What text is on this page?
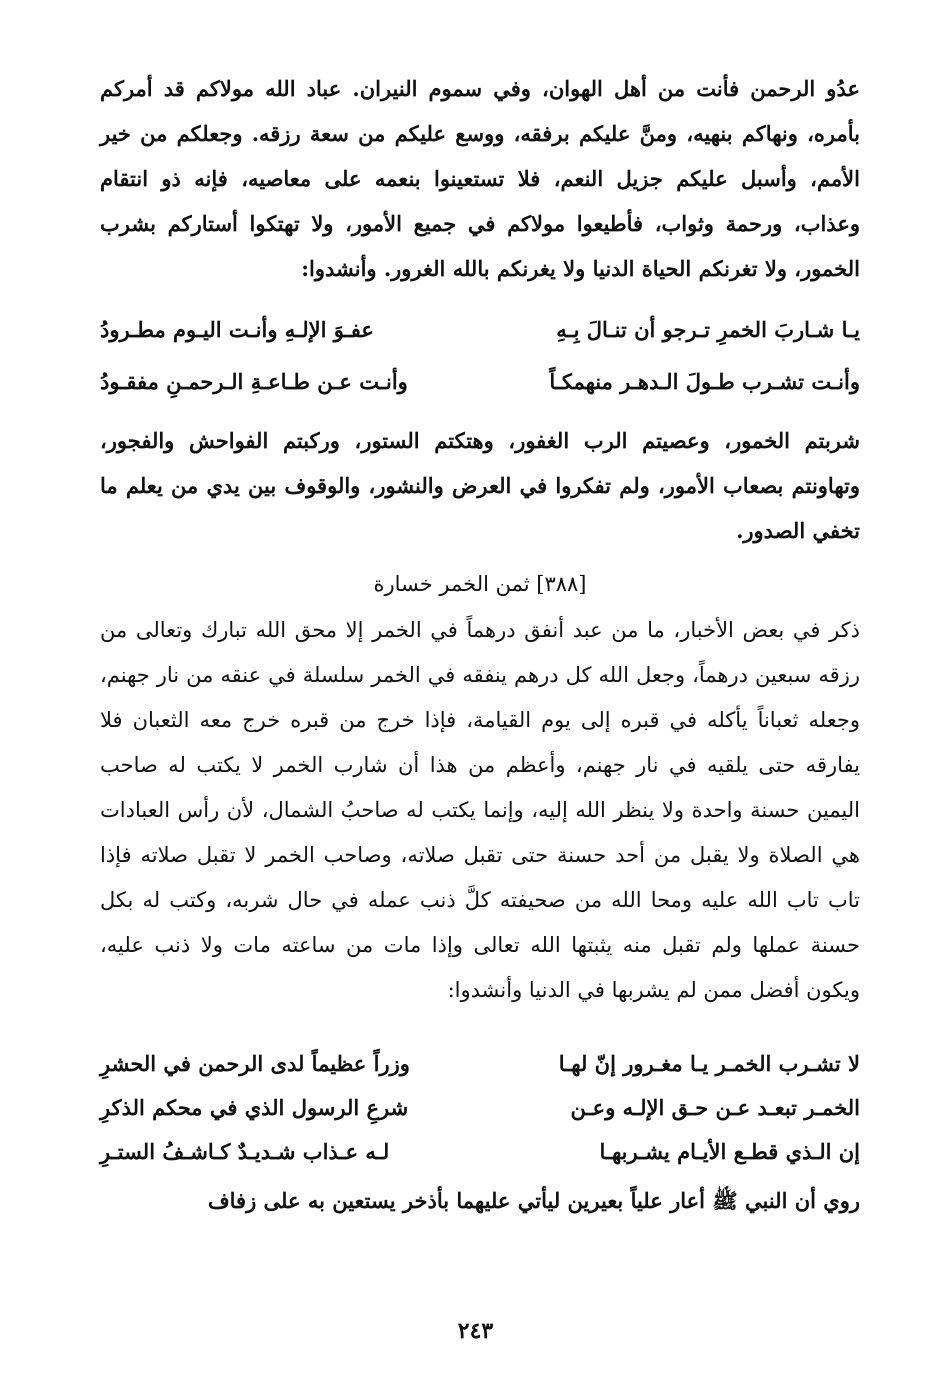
عدُو الرحمن فأنت من أهل الهوان، وفي سموم النيران. عباد الله مولاكم قد أمركم بأمره، ونهاكم بنهيه، ومنَّ عليكم برفقه، ووسع عليكم من سعة رزقه. وجعلكم من خير الأمم، وأسبل عليكم جزيل النعم، فلا تستعينوا بنعمه على معاصيه، فإنه ذو انتقام وعذاب، ورحمة وثواب، فأطيعوا مولاكم في جميع الأمور، ولا تهتكوا أستاركم بشرب الخمور، ولا تغرنكم الحياة الدنيا ولا يغرنكم بالله الغرور. وأنشدوا:

يـا شـاربَ الخمرِ تـرجو أن تنـالَ بِـهِ
عفـوَ الإلـهِ وأنـت اليـوم مطـرودُ
وأنـت تشـرب طـولَ الـدهـر منهمكـاً
وأنـت عـن طـاعـةِ الـرحمـنِ مفقـودُ

شربتم الخمور، وعصيتم الرب الغفور، وهتكتم الستور، وركبتم الفواحش والفجور، وتهاونتم بصعاب الأمور، ولم تفكروا في العرض والنشور، والوقوف بين يدي من يعلم ما تخفي الصدور.

[٣٨٨] ثمن الخمر خسارة

ذكر في بعض الأخبار، ما من عبد أنفق درهماً في الخمر إلا محق الله تبارك وتعالى من رزقه سبعين درهماً، وجعل الله كل درهم ينفقه في الخمر سلسلة في عنقه من نار جهنم، وجعله ثعباناً يأكله في قبره إلى يوم القيامة، فإذا خرج من قبره خرج معه الثعبان فلا يفارقه حتى يلقيه في نار جهنم، وأعظم من هذا أن شارب الخمر لا يكتب له صاحب اليمين حسنة واحدة ولا ينظر الله إليه، وإنما يكتب له صاحبُ الشمال، لأن رأس العبادات هي الصلاة ولا يقبل من أحد حسنة حتى تقبل صلاته، وصاحب الخمر لا تقبل صلاته فإذا تاب تاب الله عليه ومحا الله من صحيفته كلَّ ذنب عمله في حال شربه، وكتب له بكل حسنة عملها ولم تقبل منه يثبتها الله تعالى وإذا مات من ساعته مات ولا ذنب عليه، ويكون أفضل ممن لم يشربها في الدنيا وأنشدوا:

لا تشـرب الخمـر يـا مغـرور إنّ لهـا
وزراً عظيماً لدى الرحمن في الحشرِ
الخمـر تبعـد عـن حـق الإلـه وعـن
شرعِ الرسول الذي في محكم الذكرِ
إن الـذي قطـع الأيـام يشـربهـا
لـه عـذاب شـديـدٌ كـاشـفُ الستـرِ

روي أن النبي ﷺ أعار علياً بعيرين ليأتي عليهما بأذخر يستعين به على زفاف

٢٤٣
